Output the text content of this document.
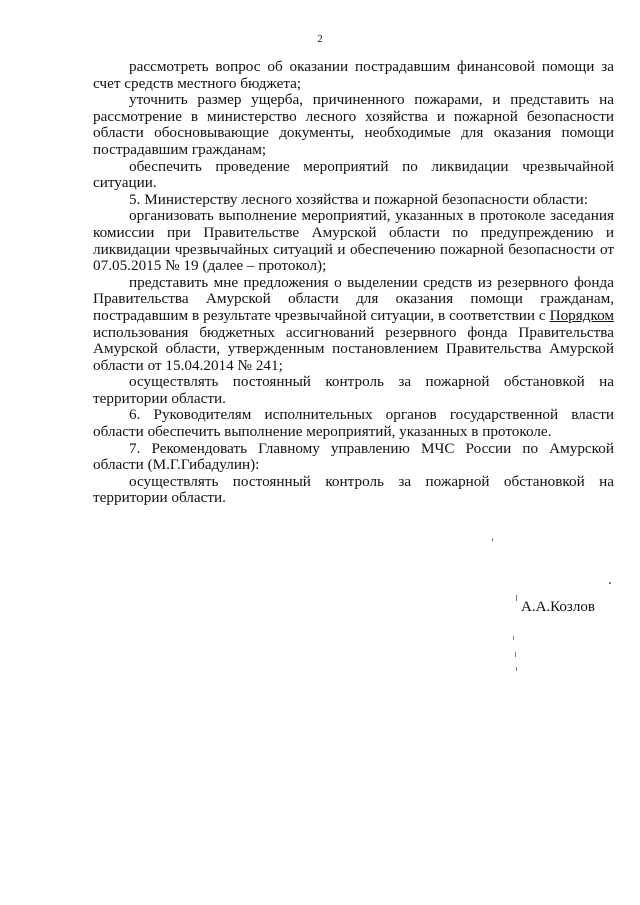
2

рассмотреть вопрос об оказании пострадавшим финансовой помощи за счет средств местного бюджета;

уточнить размер ущерба, причиненного пожарами, и представить на рассмотрение в министерство лесного хозяйства и пожарной безопасности области обосновывающие документы, необходимые для оказания помощи пострадавшим гражданам;

обеспечить проведение мероприятий по ликвидации чрезвычайной ситуации.

5. Министерству лесного хозяйства и пожарной безопасности области:

организовать выполнение мероприятий, указанных в протоколе заседания комиссии при Правительстве Амурской области по предупреждению и ликвидации чрезвычайных ситуаций и обеспечению пожарной безопасности от 07.05.2015 № 19 (далее – протокол);

представить мне предложения о выделении средств из резервного фонда Правительства Амурской области для оказания помощи гражданам, пострадавшим в результате чрезвычайной ситуации, в соответствии с Порядком использования бюджетных ассигнований резервного фонда Правительства Амурской области, утвержденным постановлением Правительства Амурской области от 15.04.2014 № 241;

осуществлять постоянный контроль за пожарной обстановкой на территории области.

6. Руководителям исполнительных органов государственной власти области обеспечить выполнение мероприятий, указанных в протоколе.

7. Рекомендовать Главному управлению МЧС России по Амурской области (М.Г.Гибадулин):

осуществлять постоянный контроль за пожарной обстановкой на территории области.

А.А.Козлов
